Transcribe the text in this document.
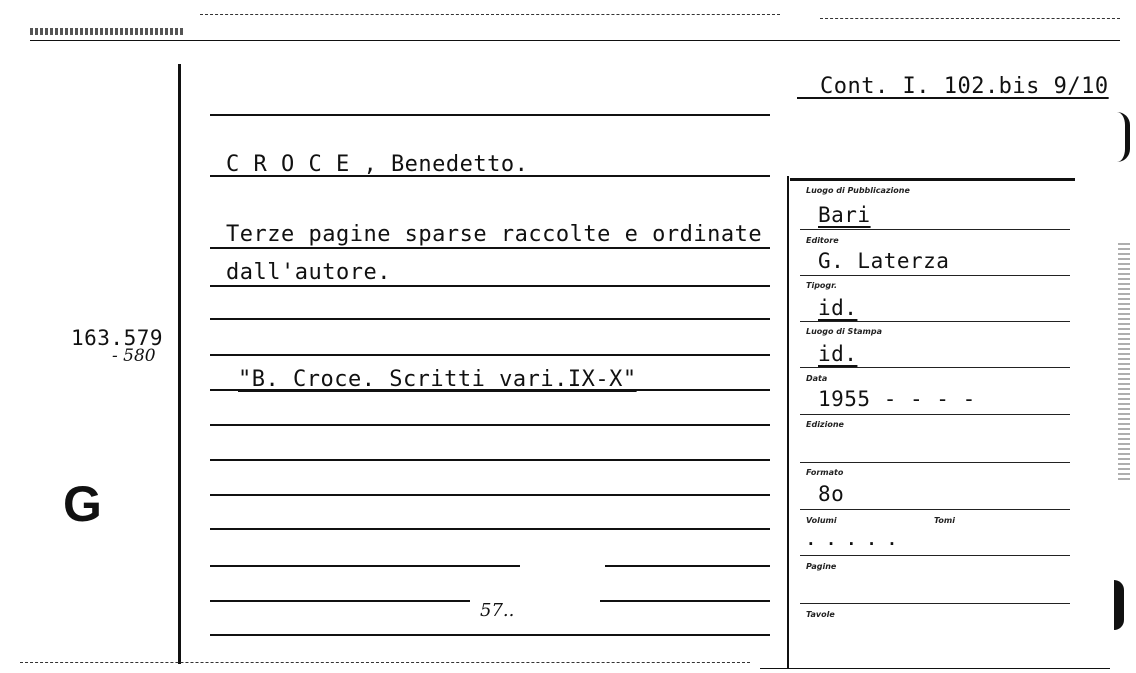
163.579
- 580
G
Cont. I. 102.bis 9/10
C R O C E , Benedetto.
Terze pagine sparse raccolte e ordinate
dall'autore.
"B. Croce. Scritti vari.IX-X"
57..
Luogo di Pubblicazione
Bari
Editore
G. Laterza
Tipogr.
id.
Luogo di Stampa
id.
Data
1955 - - - -
Edizione
Formato
8o
Volumi	Tomi
. . . . .
Pagine
Tavole
